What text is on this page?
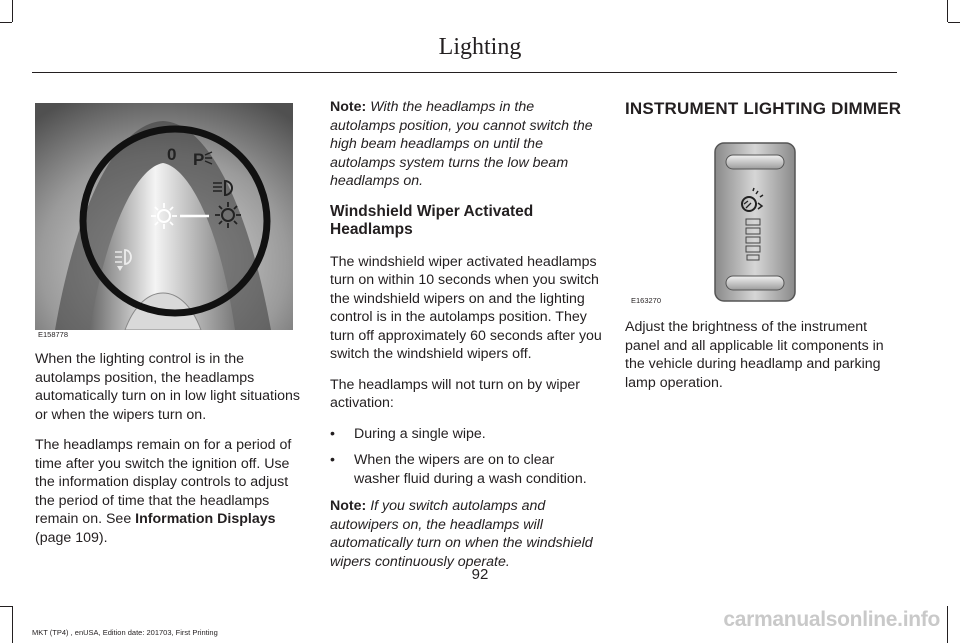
Lighting
0 P
E158778

When the lighting control is in the autolamps position, the headlamps automatically turn on in low light situations or when the wipers turn on.

The headlamps remain on for a period of time after you switch the ignition off. Use the information display controls to adjust the period of time that the headlamps remain on. See Information Displays (page 109).

Note: With the headlamps in the autolamps position, you cannot switch the high beam headlamps on until the autolamps system turns the low beam headlamps on.

Windshield Wiper Activated Headlamps

The windshield wiper activated headlamps turn on within 10 seconds when you switch the windshield wipers on and the lighting control is in the autolamps position. They turn off approximately 60 seconds after you switch the windshield wipers off.

The headlamps will not turn on by wiper activation:

• During a single wipe.
• When the wipers are on to clear washer fluid during a wash condition.

Note: If you switch autolamps and autowipers on, the headlamps will automatically turn on when the windshield wipers continuously operate.

INSTRUMENT LIGHTING DIMMER
E163270

Adjust the brightness of the instrument panel and all applicable lit components in the vehicle during headlamp and parking lamp operation.

92
MKT (TP4) , enUSA, Edition date: 201703, First Printing
carmanualsonline.info
